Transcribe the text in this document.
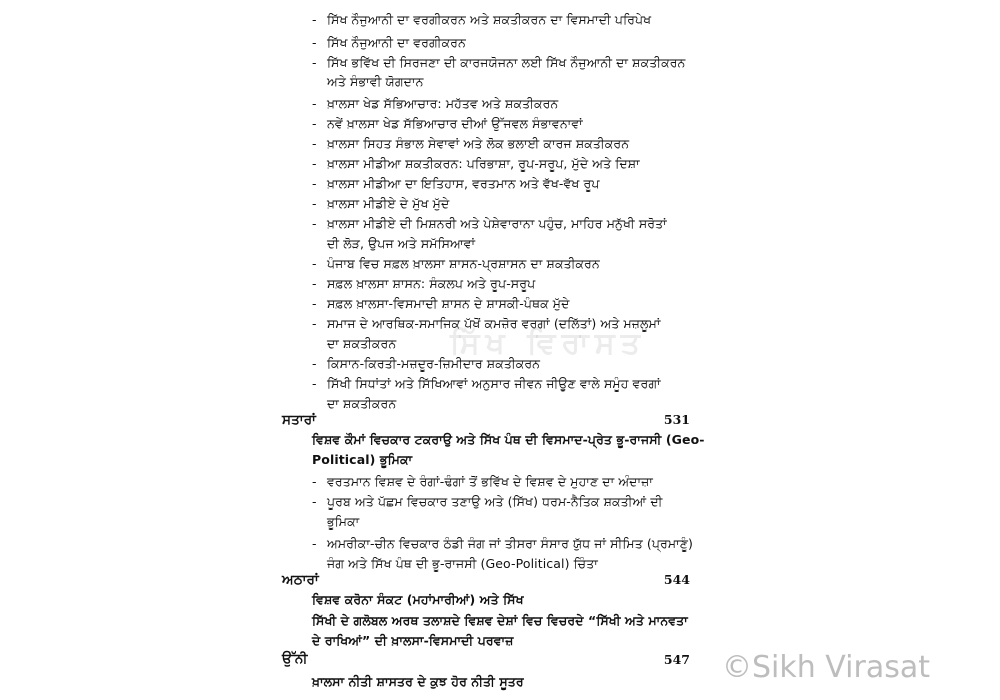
- ਸਿੱਖ ਨੌਜੁਆਨੀ ਦਾ ਵਰਗੀਕਰਨ ਅਤੇ ਸ਼ਕਤੀਕਰਨ ਦਾ ਵਿਸਮਾਦੀ ਪਰਿਪੇਖ
- ਸਿੱਖ ਨੌਜੁਆਨੀ ਦਾ ਵਰਗੀਕਰਨ
- ਸਿੱਖ ਭਵਿੱਖ ਦੀ ਸਿਰਜਣਾ ਦੀ ਕਾਰਜਯੋਜਨਾ ਲਈ ਸਿੱਖ ਨੌਜੁਆਨੀ ਦਾ ਸ਼ਕਤੀਕਰਨ
ਅਤੇ ਸੰਭਾਵੀ ਯੋਗਦਾਨ
- ਖ਼ਾਲਸਾ ਖੇਡ ਸੱਭਿਆਚਾਰ: ਮਹੱਤਵ ਅਤੇ ਸ਼ਕਤੀਕਰਨ
- ਨਵੇਂ ਖ਼ਾਲਸਾ ਖੇਡ ਸੱਭਿਆਚਾਰ ਦੀਆਂ ਉੱਜਵਲ ਸੰਭਾਵਨਾਵਾਂ
- ਖ਼ਾਲਸਾ ਸਿਹਤ ਸੰਭਾਲ ਸੇਵਾਵਾਂ ਅਤੇ ਲੋਕ ਭਲਾਈ ਕਾਰਜ ਸ਼ਕਤੀਕਰਨ
- ਖ਼ਾਲਸਾ ਮੀਡੀਆ ਸ਼ਕਤੀਕਰਨ: ਪਰਿਭਾਸ਼ਾ, ਰੂਪ-ਸਰੂਪ, ਮੁੱਦੇ ਅਤੇ ਦਿਸ਼ਾ
- ਖ਼ਾਲਸਾ ਮੀਡੀਆ ਦਾ ਇਤਿਹਾਸ, ਵਰਤਮਾਨ ਅਤੇ ਵੱਖ-ਵੱਖ ਰੂਪ
- ਖ਼ਾਲਸਾ ਮੀਡੀਏ ਦੇ ਮੁੱਖ ਮੁੱਦੇ
- ਖ਼ਾਲਸਾ ਮੀਡੀਏ ਦੀ ਮਿਸ਼ਨਰੀ ਅਤੇ ਪੇਸ਼ੇਵਾਰਾਨਾ ਪਹੁੰਚ, ਮਾਹਿਰ ਮਨੁੱਖੀ ਸਰੋਤਾਂ
ਦੀ ਲੋੜ, ਉਪਜ ਅਤੇ ਸਮੱਸਿਆਵਾਂ
- ਪੰਜਾਬ ਵਿਚ ਸਫ਼ਲ ਖ਼ਾਲਸਾ ਸ਼ਾਸਨ-ਪ੍ਰਸ਼ਾਸਨ ਦਾ ਸ਼ਕਤੀਕਰਨ
- ਸਫ਼ਲ ਖ਼ਾਲਸਾ ਸ਼ਾਸਨ: ਸੰਕਲਪ ਅਤੇ ਰੂਪ-ਸਰੂਪ
- ਸਫ਼ਲ ਖ਼ਾਲਸਾ-ਵਿਸਮਾਦੀ ਸ਼ਾਸਨ ਦੇ ਸ਼ਾਸਕੀ-ਪੰਥਕ ਮੁੱਦੇ
- ਸਮਾਜ ਦੇ ਆਰਥਿਕ-ਸਮਾਜਿਕ ਪੱਖੋਂ ਕਮਜ਼ੋਰ ਵਰਗਾਂ (ਦਲਿੱਤਾਂ) ਅਤੇ ਮਜ਼ਲੂਮਾਂ
ਦਾ ਸ਼ਕਤੀਕਰਨ
- ਕਿਸਾਨ-ਕਿਰਤੀ-ਮਜ਼ਦੂਰ-ਜ਼ਿਮੀਦਾਰ ਸ਼ਕਤੀਕਰਨ
- ਸਿੱਖੀ ਸਿਧਾਂਤਾਂ ਅਤੇ ਸਿੱਖਿਆਵਾਂ ਅਨੁਸਾਰ ਜੀਵਨ ਜੀਊਣ ਵਾਲੇ ਸਮੂੰਹ ਵਰਗਾਂ
ਦਾ ਸ਼ਕਤੀਕਰਨ
ਸਤਾਰਾਂ	531
ਵਿਸ਼ਵ ਕੌਮਾਂ ਵਿਚਕਾਰ ਟਕਰਾਉ ਅਤੇ ਸਿੱਖ ਪੰਥ ਦੀ ਵਿਸਮਾਦ-ਪ੍ਰੇਤ ਭੂ-ਰਾਜਸੀ (Geo-
Political) ਭੂਮਿਕਾ
- ਵਰਤਮਾਨ ਵਿਸ਼ਵ ਦੇ ਰੰਗਾਂ-ਢੰਗਾਂ ਤੋਂ ਭਵਿੱਖ ਦੇ ਵਿਸ਼ਵ ਦੇ ਮੁਹਾਣ ਦਾ ਅੰਦਾਜ਼ਾ
- ਪੂਰਬ ਅਤੇ ਪੱਛਮ ਵਿਚਕਾਰ ਤਣਾਉ ਅਤੇ (ਸਿੱਖ) ਧਰਮ-ਨੈਤਿਕ ਸ਼ਕਤੀਆਂ ਦੀ
ਭੂਮਿਕਾ
- ਅਮਰੀਕਾ-ਚੀਨ ਵਿਚਕਾਰ ਠੰਡੀ ਜੰਗ ਜਾਂ ਤੀਸਰਾ ਸੰਸਾਰ ਯੁੱਧ ਜਾਂ ਸੀਮਿਤ (ਪ੍ਰਮਾਣੂੰ)
ਜੰਗ ਅਤੇ ਸਿੱਖ ਪੰਥ ਦੀ ਭੂ-ਰਾਜਸੀ (Geo-Political) ਚਿੰਤਾ
ਅਠਾਰਾਂ	544
ਵਿਸ਼ਵ ਕਰੋਨਾ ਸੰਕਟ (ਮਹਾਂਮਾਰੀਆਂ) ਅਤੇ ਸਿੱਖ
ਸਿੱਖੀ ਦੇ ਗਲੋਬਲ ਅਰਥ ਤਲਾਸ਼ਦੇ ਵਿਸ਼ਵ ਦੇਸ਼ਾਂ ਵਿਚ ਵਿਚਰਦੇ “ਸਿੱਖੀ ਅਤੇ ਮਾਨਵਤਾ
ਦੇ ਰਾਖਿਆਂ” ਦੀ ਖ਼ਾਲਸਾ-ਵਿਸਮਾਦੀ ਪਰਵਾਜ਼
ਉੱਨੀ	547
ਖ਼ਾਲਸਾ ਨੀਤੀ ਸ਼ਾਸਤਰ ਦੇ ਕੁਝ ਹੋਰ ਨੀਤੀ ਸੂਤਰ
ਸਿੱਖ ਵਿਰਾਸਤ
©Sikh Virasat
